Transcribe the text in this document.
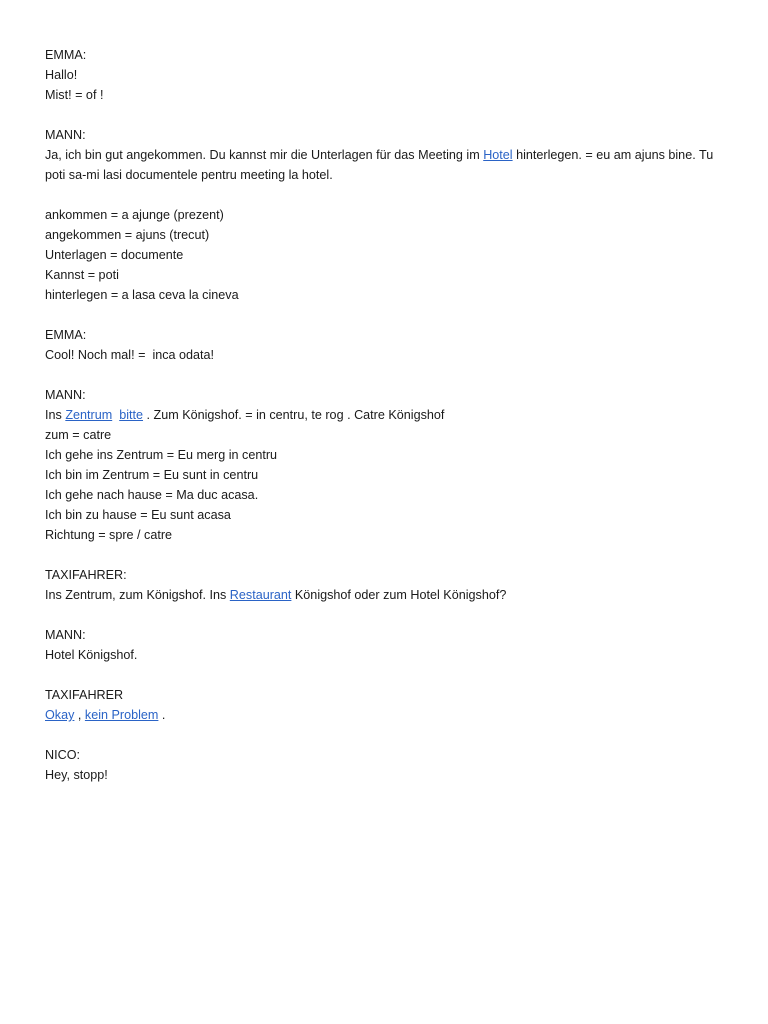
EMMA:
Hallo!
Mist! = of !
MANN:
Ja, ich bin gut angekommen. Du kannst mir die Unterlagen für das Meeting im Hotel hinterlegen. = eu am ajuns bine. Tu
poti sa-mi lasi documentele pentru meeting la hotel.
ankommen = a ajunge (prezent)
angekommen = ajuns (trecut)
Unterlagen = documente
Kannst = poti
hinterlegen = a lasa ceva la cineva
EMMA:
Cool! Noch mal! =  inca odata!
MANN:
Ins Zentrum bitte . Zum Königshof. = in centru, te rog . Catre Königshof
zum = catre
Ich gehe ins Zentrum = Eu merg in centru
Ich bin im Zentrum = Eu sunt in centru
Ich gehe nach hause = Ma duc acasa.
Ich bin zu hause = Eu sunt acasa
Richtung = spre / catre
TAXIFAHRER:
Ins Zentrum, zum Königshof. Ins Restaurant Königshof oder zum Hotel Königshof?
MANN:
Hotel Königshof.
TAXIFAHRER
Okay , kein Problem .
NICO:
Hey, stopp!
